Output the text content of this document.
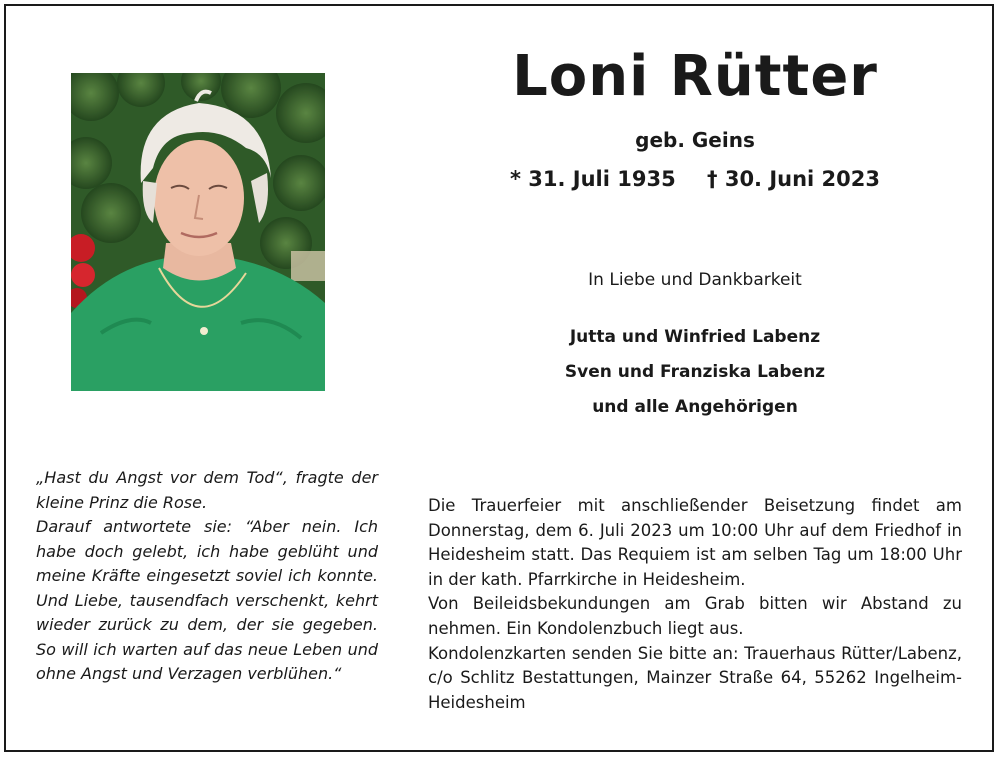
Loni Rütter
geb. Geins
* 31. Juli 1935 † 30. Juni 2023
In Liebe und Dankbarkeit
Jutta und Winfried Labenz
Sven und Franziska Labenz
und alle Angehörigen

„Hast du Angst vor dem Tod“, fragte der kleine Prinz die Rose.

Darauf antwortete sie: “Aber nein. Ich habe doch gelebt, ich habe geblüht und meine Kräfte eingesetzt soviel ich konnte. Und Liebe, tausendfach verschenkt, kehrt wieder zurück zu dem, der sie gegeben. So will ich warten auf das neue Leben und ohne Angst und Verzagen verblühen.“

Die Trauerfeier mit anschließender Beisetzung findet am Donnerstag, dem 6. Juli 2023 um 10:00 Uhr auf dem Friedhof in Heidesheim statt. Das Requiem ist am selben Tag um 18:00 Uhr in der kath. Pfarrkirche in Heidesheim.

Von Beileidsbekundungen am Grab bitten wir Abstand zu nehmen. Ein Kondolenzbuch liegt aus.

Kondolenzkarten senden Sie bitte an: Trauerhaus Rütter/Labenz, c/o Schlitz Bestattungen, Mainzer Straße 64, 55262 Ingelheim-Heidesheim
